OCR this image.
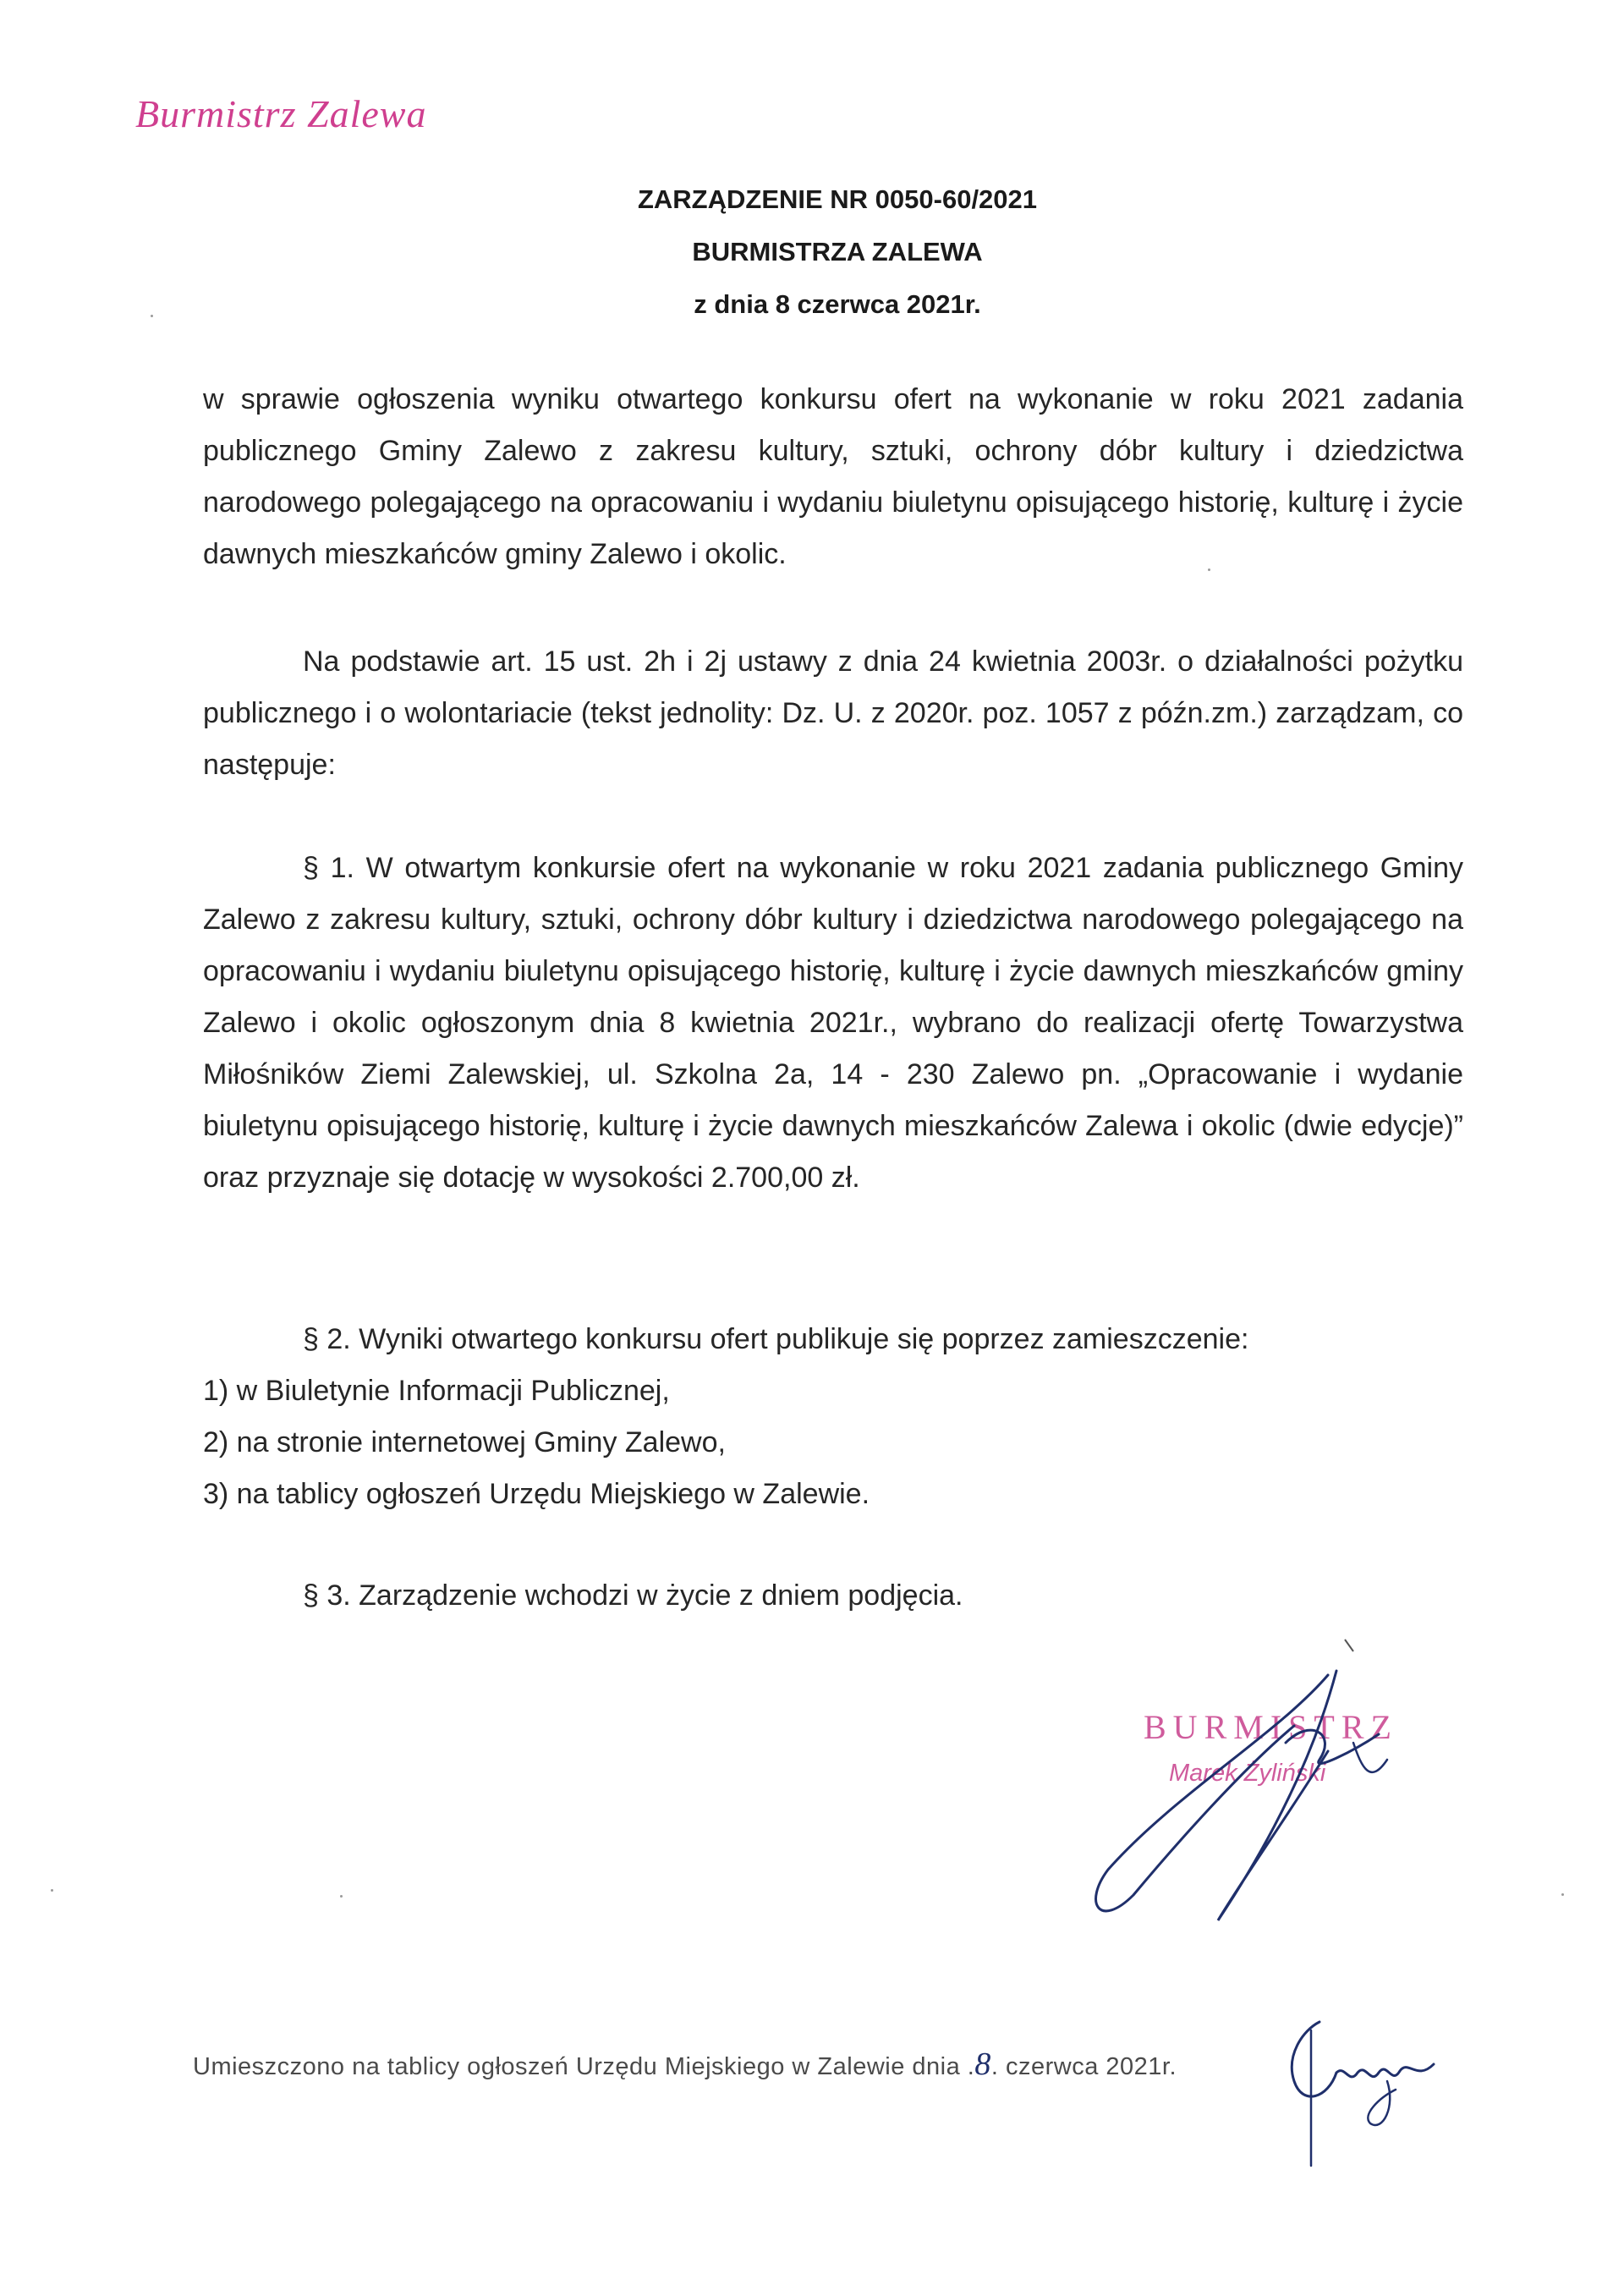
Burmistrz Zalewa
ZARZĄDZENIE NR 0050-60/2021
BURMISTRZA ZALEWA
z dnia 8 czerwca 2021r.
w sprawie ogłoszenia wyniku otwartego konkursu ofert na wykonanie w roku 2021 zadania publicznego Gminy Zalewo z zakresu kultury, sztuki, ochrony dóbr kultury i dziedzictwa narodowego polegającego na opracowaniu i wydaniu biuletynu opisującego historię, kulturę i życie dawnych mieszkańców gminy Zalewo i okolic.
Na podstawie art. 15 ust. 2h i 2j ustawy z dnia 24 kwietnia 2003r. o działalności pożytku publicznego i o wolontariacie (tekst jednolity: Dz. U. z 2020r. poz. 1057 z późn.zm.) zarządzam, co następuje:
§ 1. W otwartym konkursie ofert na wykonanie w roku 2021 zadania publicznego Gminy Zalewo z zakresu kultury, sztuki, ochrony dóbr kultury i dziedzictwa narodowego polegającego na opracowaniu i wydaniu biuletynu opisującego historię, kulturę i życie dawnych mieszkańców gminy Zalewo i okolic ogłoszonym dnia 8 kwietnia 2021r., wybrano do realizacji ofertę Towarzystwa Miłośników Ziemi Zalewskiej, ul. Szkolna 2a, 14 - 230 Zalewo pn. „Opracowanie i wydanie biuletynu opisującego historię, kulturę i życie dawnych mieszkańców Zalewa i okolic (dwie edycje)” oraz przyznaje się dotację w wysokości 2.700,00 zł.
§ 2. Wyniki otwartego konkursu ofert publikuje się poprzez zamieszczenie:
1) w Biuletynie Informacji Publicznej,
2) na stronie internetowej Gminy Zalewo,
3) na tablicy ogłoszeń Urzędu Miejskiego w Zalewie.
§ 3. Zarządzenie wchodzi w życie z dniem podjęcia.
BURMISTRZ
Marek Żyliński
Umieszczono na tablicy ogłoszeń Urzędu Miejskiego w Zalewie dnia .8. czerwca 2021r.
